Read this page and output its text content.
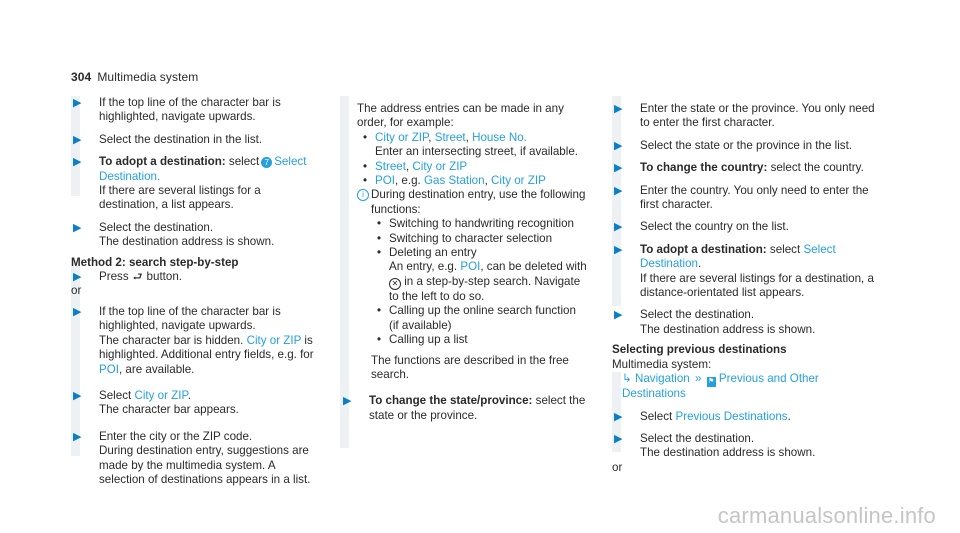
304 Multimedia system
▶ If the top line of the character bar is highlighted, navigate upwards.
▶ Select the destination in the list.
▶ To adopt a destination: select 7 Select Destination.
If there are several listings for a destination, a list appears.
▶ Select the destination.
The destination address is shown.
Method 2: search step-by-step
▶ Press ⮐ button.
or
▶ If the top line of the character bar is highlighted, navigate upwards.
The character bar is hidden. City or ZIP is highlighted. Additional entry fields, e.g. for POI, are available.
▶ Select City or ZIP.
The character bar appears.
▶ Enter the city or the ZIP code.
During destination entry, suggestions are made by the multimedia system. A selection of destinations appears in a list.
The address entries can be made in any order, for example:
• City or ZIP, Street, House No.
Enter an intersecting street, if available.
• Street, City or ZIP
• POI, e.g. Gas Station, City or ZIP
i During destination entry, use the following functions:
• Switching to handwriting recognition
• Switching to character selection
• Deleting an entry
An entry, e.g. POI, can be deleted with
✕ in a step-by-step search. Navigate to the left to do so.
• Calling up the online search function (if available)
• Calling up a list
The functions are described in the free search.
▶ To change the state/province: select the state or the province.
▶ Enter the state or the province. You only need to enter the first character.
▶ Select the state or the province in the list.
▶ To change the country: select the country.
▶ Enter the country. You only need to enter the first character.
▶ Select the country on the list.
▶ To adopt a destination: select Select Destination.
If there are several listings for a destination, a distance-orientated list appears.
▶ Select the destination.
The destination address is shown.
Selecting previous destinations
Multimedia system:
↳ Navigation » ⚑ Previous and Other Destinations
▶ Select Previous Destinations.
▶ Select the destination.
The destination address is shown.
or
carmanualsonline.info
